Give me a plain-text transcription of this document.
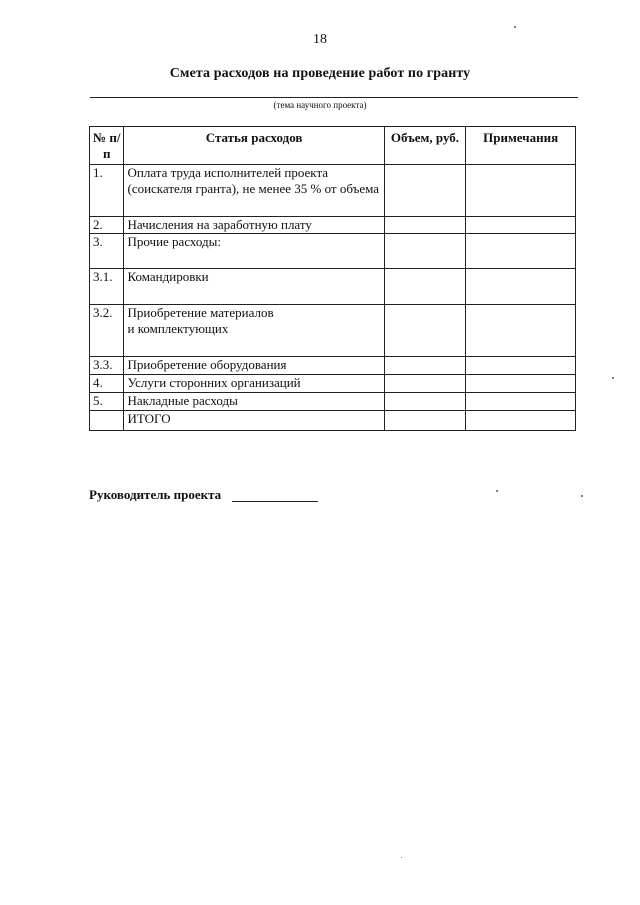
18
Смета расходов на проведение работ по гранту
(тема научного проекта)
№ п/п	Статья расходов	Объем, руб.	Примечания
1.	Оплата труда исполнителей проекта (соискателя гранта), не менее 35 % от объема		
2.	Начисления на заработную плату		
3.	Прочие расходы:		
3.1.	Командировки		
3.2.	Приобретение материалов
и комплектующих		
3.3.	Приобретение оборудования		
4.	Услуги сторонних организаций		
5.	Накладные расходы		
	ИТОГО		
Руководитель проекта
